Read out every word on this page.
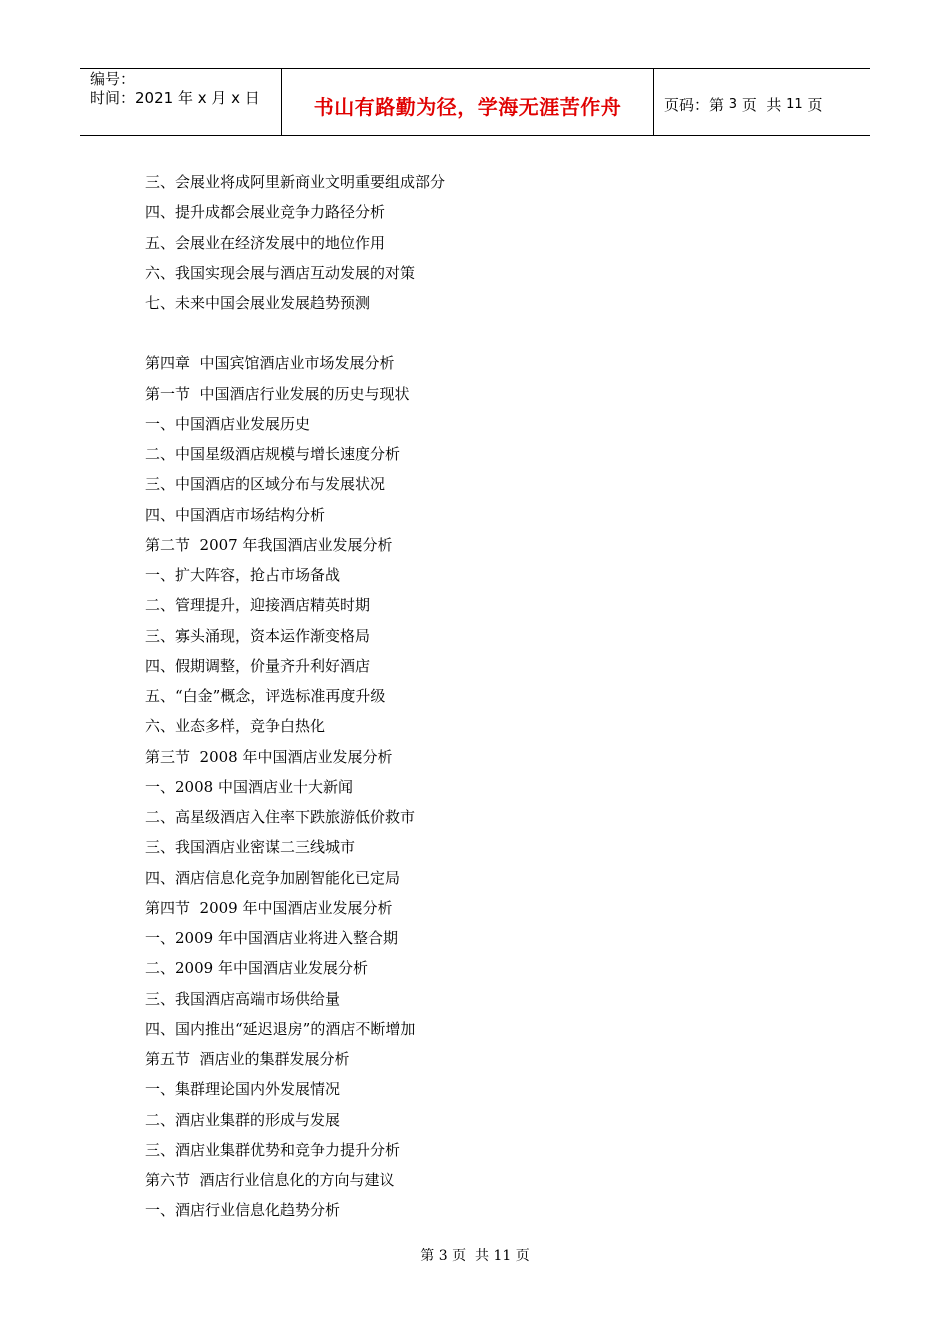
编号：
时间：2021 年 x 月 x 日	书山有路勤为径，学海无涯苦作舟	页码：第 3 页  共 11 页
三、会展业将成阿里新商业文明重要组成部分
四、提升成都会展业竞争力路径分析
五、会展业在经济发展中的地位作用
六、我国实现会展与酒店互动发展的对策
七、未来中国会展业发展趋势预测
第四章  中国宾馆酒店业市场发展分析
第一节  中国酒店行业发展的历史与现状
一、中国酒店业发展历史
二、中国星级酒店规模与增长速度分析
三、中国酒店的区域分布与发展状况
四、中国酒店市场结构分析
第二节  2007 年我国酒店业发展分析
一、扩大阵容，抢占市场备战
二、管理提升，迎接酒店精英时期
三、寡头涌现，资本运作渐变格局
四、假期调整，价量齐升利好酒店
五、“白金”概念，评选标准再度升级
六、业态多样，竞争白热化
第三节  2008 年中国酒店业发展分析
一、2008 中国酒店业十大新闻
二、高星级酒店入住率下跌旅游低价救市
三、我国酒店业密谋二三线城市
四、酒店信息化竞争加剧智能化已定局
第四节  2009 年中国酒店业发展分析
一、2009 年中国酒店业将进入整合期
二、2009 年中国酒店业发展分析
三、我国酒店高端市场供给量
四、国内推出“延迟退房”的酒店不断增加
第五节  酒店业的集群发展分析
一、集群理论国内外发展情况
二、酒店业集群的形成与发展
三、酒店业集群优势和竞争力提升分析
第六节  酒店行业信息化的方向与建议
一、酒店行业信息化趋势分析
第 3 页  共 11 页
